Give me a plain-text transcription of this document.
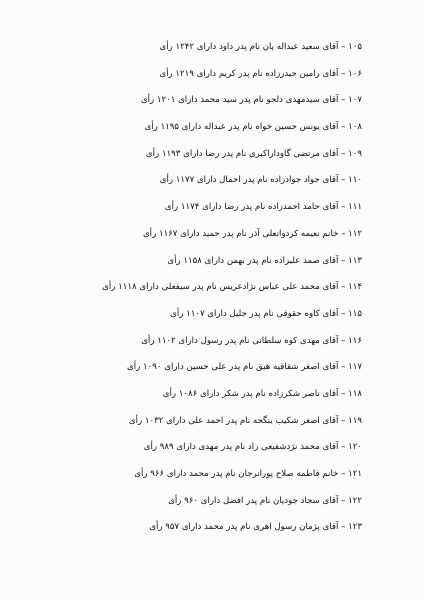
۱۰۵ – آقای سعید عبداله پان نام پدر داود دارای ۱۲۴۲ رأی
۱۰۶ – آقای رامین حیدرزاده نام پدر کریم دارای ۱۲۱۹ رأی
۱۰۷ – آقای سیدمهدی دلجو نام پدر سید محمد دارای ۱۲۰۱ رأی
۱۰۸ – آقای یونس حسین خواه نام پدر عبداله دارای ۱۱۹۵ رأی
۱۰۹ – آقای مرتضی گاوداراکبری نام پدر رضا دارای ۱۱۹۳ رأی
۱۱۰ – آقای جواد جوادزاده نام پدر احمال دارای ۱۱۷۷ رأی
۱۱۱ – آقای حامد احمدزاده نام پدر رضا دارای ۱۱۷۴ رأی
۱۱۲ – خانم نعیمه کردوانعلی آذر نام پدر حمید دارای ۱۱۶۷ رأی
۱۱۳ – آقای صمد علیزاده نام پدر بهمن دارای ۱۱۵۸ رأی
۱۱۴ – آقای محمد علی عباس نژادعریس نام پدر سیفعلی دارای ۱۱۱۸ رأی
۱۱۵ – آقای کاوه حقوقی نام پدر جلیل دارای ۱۱۰۷ رأی
۱۱۶ – آقای مهدی کوه سلطانی نام پدر رسول دارای ۱۱۰۲ رأی
۱۱۷ – آقای اصغر شقاقیه هیق نام پدر علی حسین دارای ۱۰۹۰ رأی
۱۱۸ – آقای ناصر شکرزاده نام پدر شکر دارای ۱۰۸۶ رأی
۱۱۹ – آقای اصغر شکیب ینگجه نام پدر احمد علی دارای ۱۰۳۲ رأی
۱۲۰ – آقای محمد نژدشفیعی زاد نام پدر مهدی دارای ۹۸۹ رأی
۱۲۱ – خانم فاطمه صلاح پورانرجان نام پدر محمد دارای ۹۶۶ رأی
۱۲۲ – آقای سجاد جوديان نام پدر افضل دارای ۹۶۰ رأی
۱۲۳ – آقای پژمان رسول اهری نام پدر محمد دارای ۹۵۷ رأی
